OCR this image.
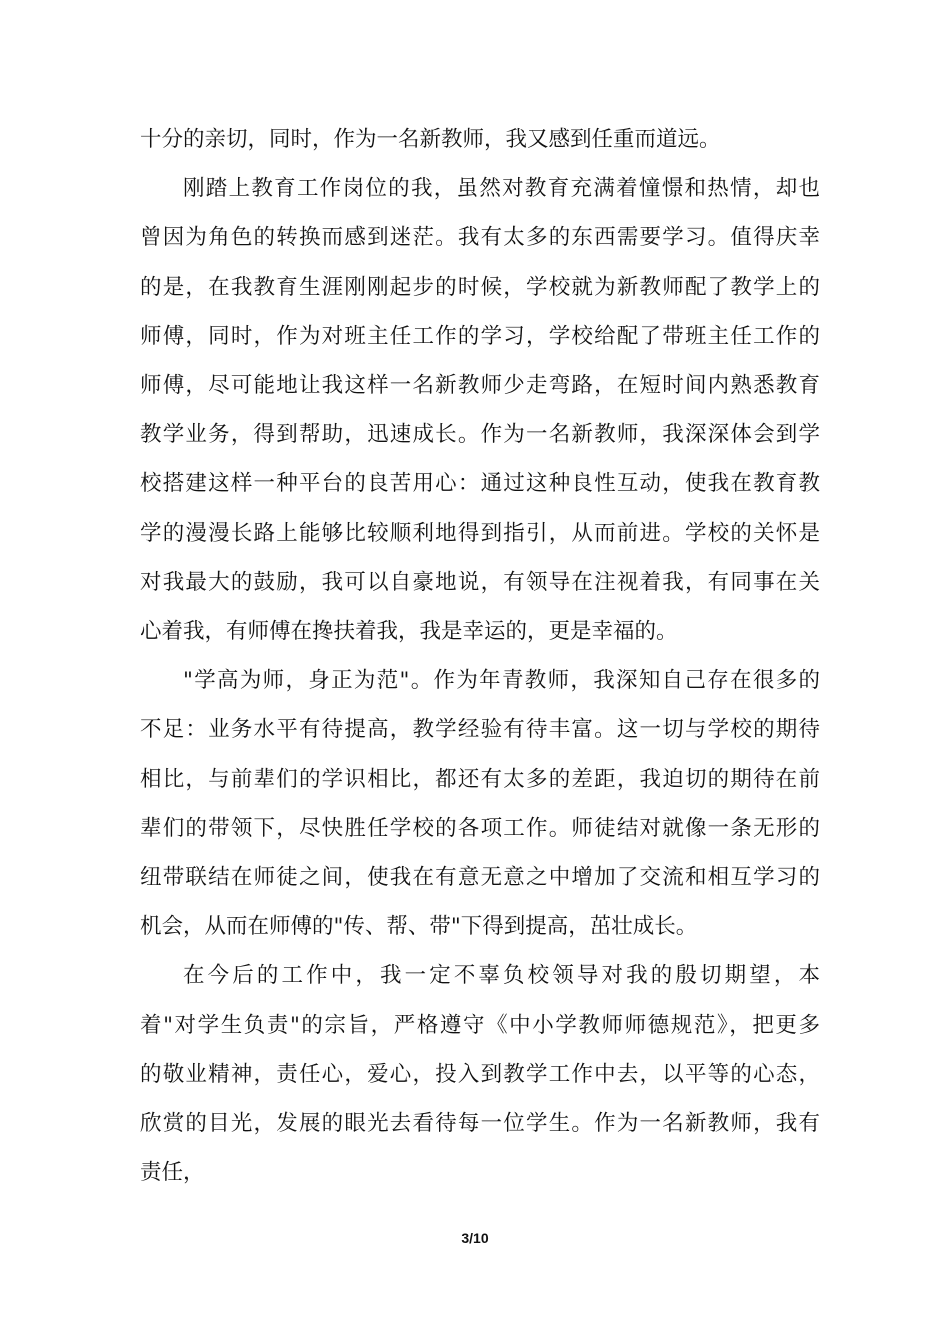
十分的亲切，同时，作为一名新教师，我又感到任重而道远。
刚踏上教育工作岗位的我，虽然对教育充满着憧憬和热情，却也
曾因为角色的转换而感到迷茫。我有太多的东西需要学习。值得庆幸
的是，在我教育生涯刚刚起步的时候，学校就为新教师配了教学上的
师傅，同时，作为对班主任工作的学习，学校给配了带班主任工作的
师傅，尽可能地让我这样一名新教师少走弯路，在短时间内熟悉教育
教学业务，得到帮助，迅速成长。作为一名新教师，我深深体会到学
校搭建这样一种平台的良苦用心：通过这种良性互动，使我在教育教
学的漫漫长路上能够比较顺利地得到指引，从而前进。学校的关怀是
对我最大的鼓励，我可以自豪地说，有领导在注视着我，有同事在关
心着我，有师傅在搀扶着我，我是幸运的，更是幸福的。
"学高为师，身正为范"。作为年青教师，我深知自己存在很多的
不足：业务水平有待提高，教学经验有待丰富。这一切与学校的期待
相比，与前辈们的学识相比，都还有太多的差距，我迫切的期待在前
辈们的带领下，尽快胜任学校的各项工作。师徒结对就像一条无形的
纽带联结在师徒之间，使我在有意无意之中增加了交流和相互学习的
机会，从而在师傅的"传、帮、带"下得到提高，茁壮成长。
在今后的工作中，我一定不辜负校领导对我的殷切期望，本
着"对学生负责"的宗旨，严格遵守《中小学教师师德规范》，把更多
的敬业精神，责任心，爱心，投入到教学工作中去，以平等的心态，
欣赏的目光，发展的眼光去看待每一位学生。作为一名新教师，我有
责任，
3/10
